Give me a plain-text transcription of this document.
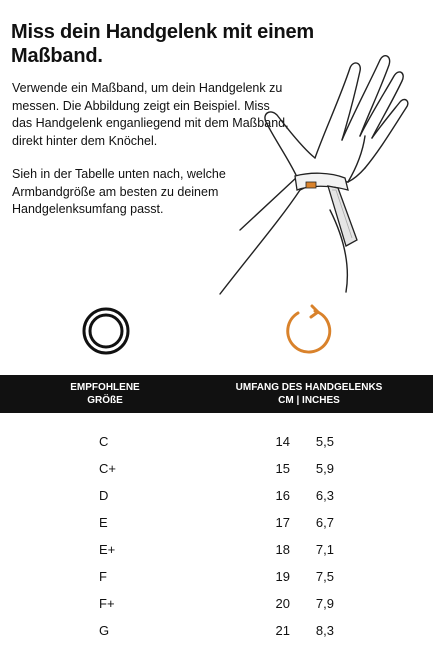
Miss dein Handgelenk mit einem Maßband.

Verwende ein Maßband, um dein Handgelenk zu messen. Die Abbildung zeigt ein Beispiel. Miss das Handgelenk enganliegend mit dem Maßband, direkt hinter dem Knöchel.

Sieh in der Tabelle unten nach, welche Armbandgröße am besten zu deinem Handgelenksumfang passt.

EMPFOHLENE
GRÖßE
UMFANG DES HANDGELENKS
CM | INCHES
C	14	5,5
C+	15	5,9
D	16	6,3
E	17	6,7
E+	18	7,1
F	19	7,5
F+	20	7,9
G	21	8,3
